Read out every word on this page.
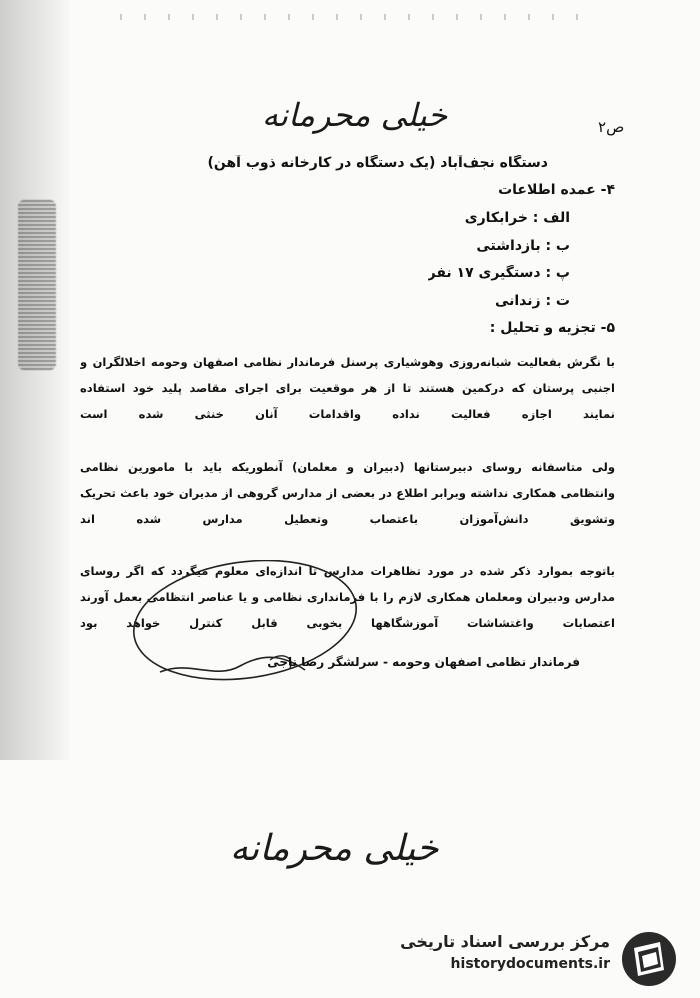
خیلی محرمانه	ص۲
دستگاه نجف‌آباد (یک دستگاه در کارخانه ذوب آهن)
۴- عمده اطلاعات
الف : خرابکاری
ب : بازداشتی
پ : دستگیری ۱۷ نفر
ت : زندانی
۵- تجزیه و تحلیل :
با نگرش بفعالیت شبانه‌روزی وهوشیاری پرسنل فرماندار نظامی اصفهان وحومه اخلالگران و
اجنبی پرستان که درکمین هستند تا از هر موقعیت برای اجرای مقاصد پلید خود استفاده
نمایند اجازه فعالیت نداده واقدامات آنان خنثی شده است
ولی متاسفانه روسای دبیرستانها (دبیران و معلمان) آنطوریکه باید با مامورین نظامی
وانتظامی همکاری نداشته وبرابر اطلاع در بعضی از مدارس گروهی از مدیران خود باعث تحریک
وتشویق دانش‌آموزان باعتصاب وتعطیل مدارس شده اند
باتوجه بموارد ذکر شده در مورد تظاهرات مدارس تا اندازه‌ای معلوم میگردد که اگر روسای
مدارس ودبیران ومعلمان همکاری لازم را با فرمانداری نظامی و یا عناصر انتظامی بعمل آورند
اعتصابات واغتشاشات آموزشگاهها بخوبی قابل کنترل خواهد بود
فرماندار نظامی اصفهان وحومه - سرلشگر رضا ناجی
خیلی محرمانه
مرکز بررسی اسناد تاریخی
historydocuments.ir
